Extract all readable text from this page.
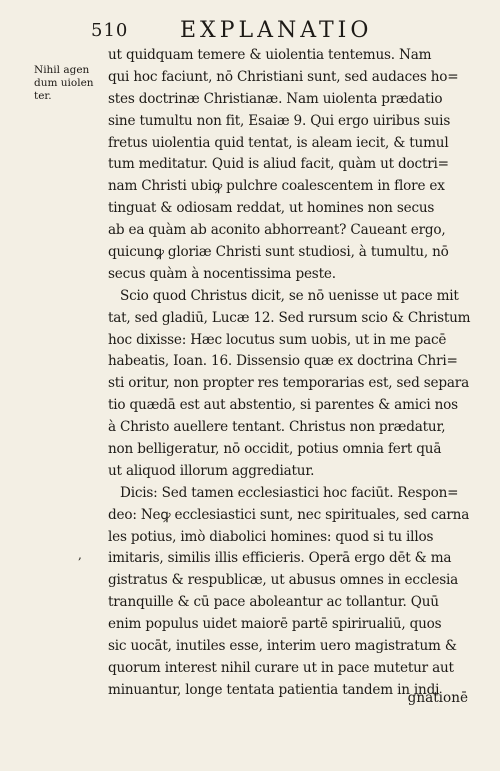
510 EXPLANATIO
Nihil agen
dum uiolen
ter.
,
ut quidquam temere & uiolentia tentemus. Nam
qui hoc faciunt, nō Christiani sunt, sed audaces ho=
stes doctrinæ Christianæ. Nam uiolenta prædatio
sine tumultu non fit, Esaiæ 9. Qui ergo uiribus suis
fretus uiolentia quid tentat, is aleam iecit, & tumul
tum meditatur. Quid is aliud facit, quàm ut doctri=
nam Christi ubiꝙ pulchre coalescentem in flore ex
tinguat & odiosam reddat, ut homines non secus
ab ea quàm ab aconito abhorreant? Caueant ergo,
quicunꝙ gloriæ Christi sunt studiosi, à tumultu, nō
secus quàm à nocentissima peste.
Scio quod Christus dicit, se nō uenisse ut pace mit
tat, sed gladiū, Lucæ 12. Sed rursum scio & Christum
hoc dixisse: Hæc locutus sum uobis, ut in me pacē
habeatis, Ioan. 16. Dissensio quæ ex doctrina Chri=
sti oritur, non propter res temporarias est, sed separa
tio quædā est aut abstentio, si parentes & amici nos
à Christo auellere tentant. Christus non prædatur,
non belligeratur, nō occidit, potius omnia fert quā
ut aliquod illorum aggrediatur.
Dicis: Sed tamen ecclesiastici hoc faciūt. Respon=
deo: Neꝙ ecclesiastici sunt, nec spirituales, sed carna
les potius, imò diabolici homines: quod si tu illos
imitaris, similis illis efficieris. Operā ergo dēt & ma
gistratus & respublicæ, ut abusus omnes in ecclesia
tranquille & cū pace aboleantur ac tollantur. Quū
enim populus uidet maiorē partē spirirualiū, quos
sic uocāt, inutiles esse, interim uero magistratum &
quorum interest nihil curare ut in pace mutetur aut
minuantur, longe tentata patientia tandem in indi
gnationē
